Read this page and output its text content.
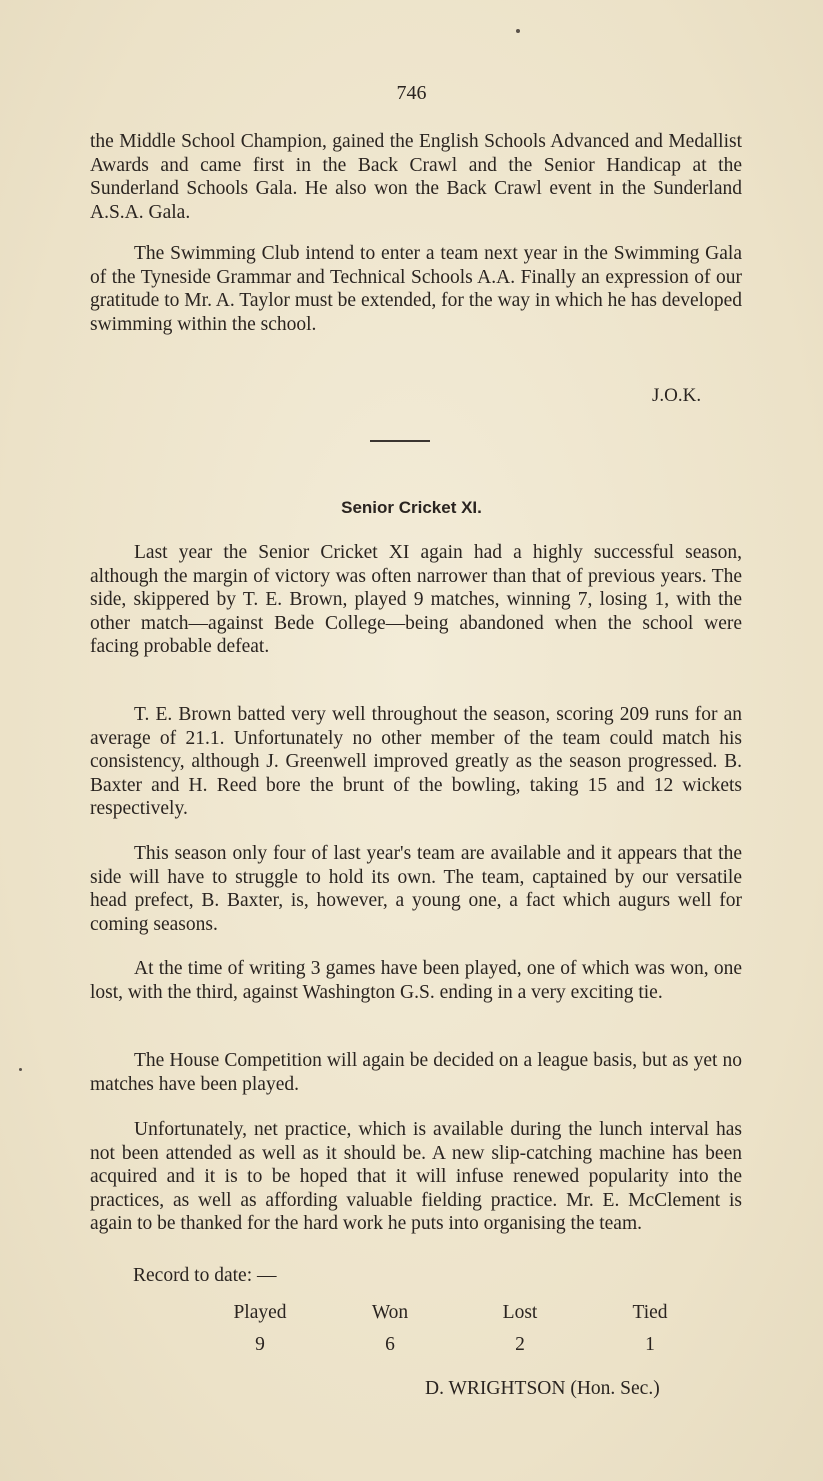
746

the Middle School Champion, gained the English Schools Advanced and Medallist Awards and came first in the Back Crawl and the Senior Handicap at the Sunderland Schools Gala. He also won the Back Crawl event in the Sunderland A.S.A. Gala.

The Swimming Club intend to enter a team next year in the Swimming Gala of the Tyneside Grammar and Technical Schools A.A. Finally an expression of our gratitude to Mr. A. Taylor must be extended, for the way in which he has developed swimming within the school.

J.O.K.
Senior Cricket XI.

Last year the Senior Cricket XI again had a highly successful season, although the margin of victory was often narrower than that of previous years. The side, skippered by T. E. Brown, played 9 matches, winning 7, losing 1, with the other match—against Bede College—being abandoned when the school were facing probable defeat.

T. E. Brown batted very well throughout the season, scoring 209 runs for an average of 21.1. Unfortunately no other member of the team could match his consistency, although J. Greenwell improved greatly as the season progressed. B. Baxter and H. Reed bore the brunt of the bowling, taking 15 and 12 wickets respectively.

This season only four of last year's team are available and it appears that the side will have to struggle to hold its own. The team, captained by our versatile head prefect, B. Baxter, is, however, a young one, a fact which augurs well for coming seasons.

At the time of writing 3 games have been played, one of which was won, one lost, with the third, against Washington G.S. ending in a very exciting tie.

The House Competition will again be decided on a league basis, but as yet no matches have been played.

Unfortunately, net practice, which is available during the lunch interval has not been attended as well as it should be. A new slip-catching machine has been acquired and it is to be hoped that it will infuse renewed popularity into the practices, as well as affording valuable fielding practice. Mr. E. McClement is again to be thanked for the hard work he puts into organising the team.

Record to date: —
Played	Won	Lost	Tied
9	6	2	1
D. WRIGHTSON (Hon. Sec.)
